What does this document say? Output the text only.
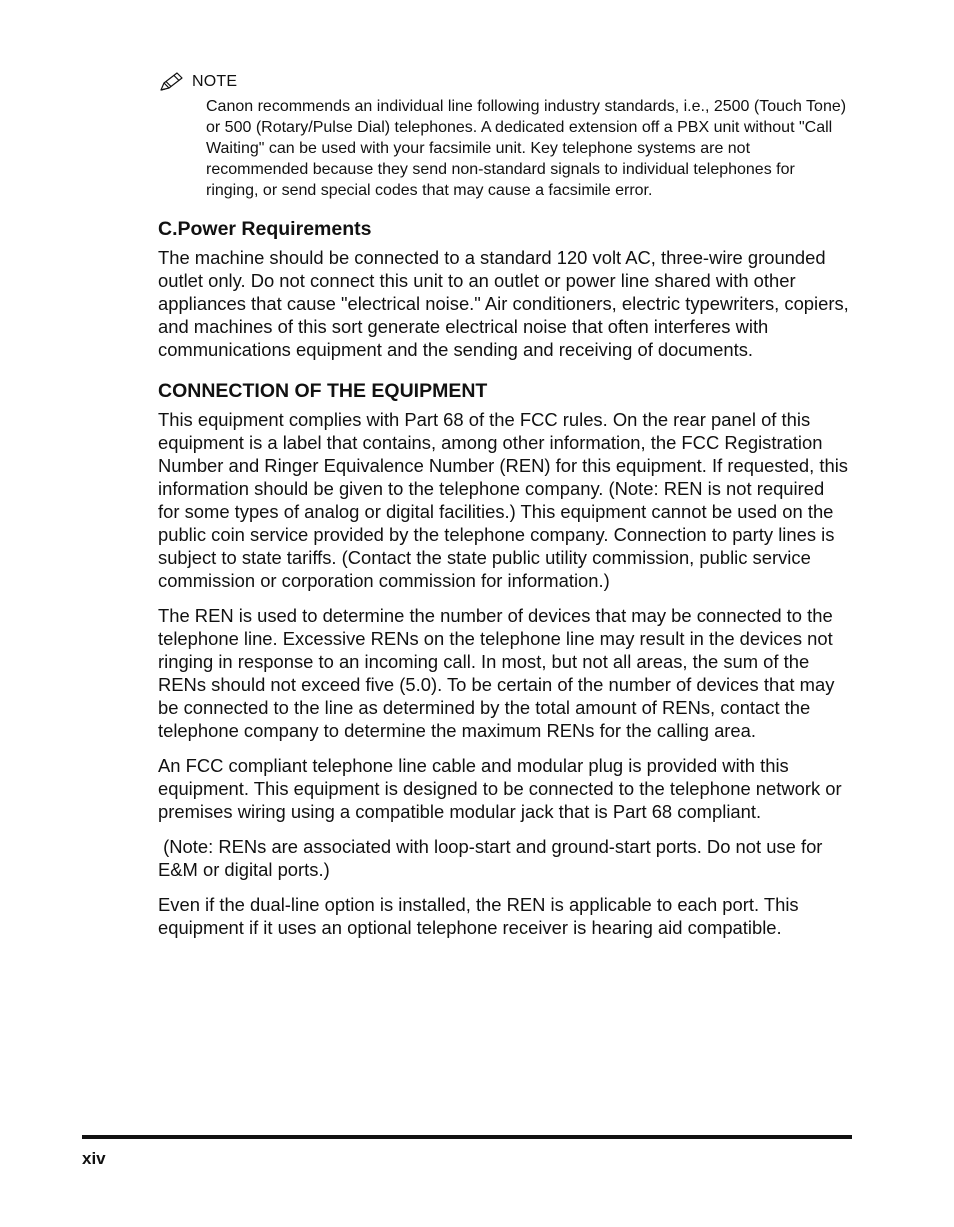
NOTE
Canon recommends an individual line following industry standards, i.e., 2500 (Touch Tone) or 500 (Rotary/Pulse Dial) telephones. A dedicated extension off a PBX unit without "Call Waiting" can be used with your facsimile unit. Key telephone systems are not recommended because they send non-standard signals to individual telephones for ringing, or send special codes that may cause a facsimile error.
C.Power Requirements

The machine should be connected to a standard 120 volt AC, three-wire grounded outlet only. Do not connect this unit to an outlet or power line shared with other appliances that cause "electrical noise." Air conditioners, electric typewriters, copiers, and machines of this sort generate electrical noise that often interferes with communications equipment and the sending and receiving of documents.

CONNECTION OF THE EQUIPMENT

This equipment complies with Part 68 of the FCC rules. On the rear panel of this equipment is a label that contains, among other information, the FCC Registration Number and Ringer Equivalence Number (REN) for this equipment. If requested, this information should be given to the telephone company. (Note: REN is not required for some types of analog or digital facilities.) This equipment cannot be used on the public coin service provided by the telephone company. Connection to party lines is subject to state tariffs. (Contact the state public utility commission, public service commission or corporation commission for information.)

The REN is used to determine the number of devices that may be connected to the telephone line. Excessive RENs on the telephone line may result in the devices not ringing in response to an incoming call. In most, but not all areas, the sum of the RENs should not exceed five (5.0). To be certain of the number of devices that may be connected to the line as determined by the total amount of RENs, contact the telephone company to determine the maximum RENs for the calling area.

An FCC compliant telephone line cable and modular plug is provided with this equipment. This equipment is designed to be connected to the telephone network or premises wiring using a compatible modular jack that is Part 68 compliant.

(Note: RENs are associated with loop-start and ground-start ports. Do not use for E&M or digital ports.)

Even if the dual-line option is installed, the REN is applicable to each port. This equipment if it uses an optional telephone receiver is hearing aid compatible.

xiv
